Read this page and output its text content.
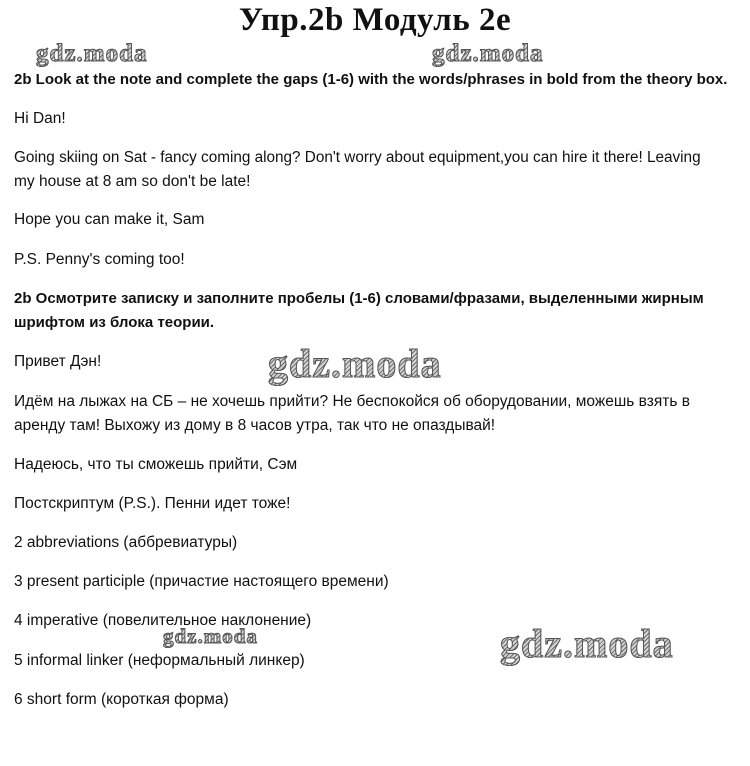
Упр.2b Модуль 2е
gdz.moda	gdz.moda
gdz.moda
gdz.moda	gdz.moda
2b Look at the note and complete the gaps (1-6) with the words/phrases in bold from the theory box.
Hi Dan!
Going skiing on Sat - fancy coming along? Don't worry about equipment,you can hire it there! Leaving
my house at 8 am so don't be late!
Hope you can make it, Sam
P.S. Penny's coming too!
2b Осмотрите записку и заполните пробелы (1-6) словами/фразами, выделенными жирным
шрифтом из блока теории.
Привет Дэн!
Идём на лыжах на СБ – не хочешь прийти? Не беспокойся об оборудовании, можешь взять в
аренду там! Выхожу из дому в 8 часов утра, так что не опаздывай!
Надеюсь, что ты сможешь прийти, Сэм
Постскриптум (P.S.). Пенни идет тоже!
2 abbreviations (аббревиатуры)
3 present participle (причастие настоящего времени)
4 imperative (повелительное наклонение)
5 informal linker (неформальный линкер)
6 short form (короткая форма)
